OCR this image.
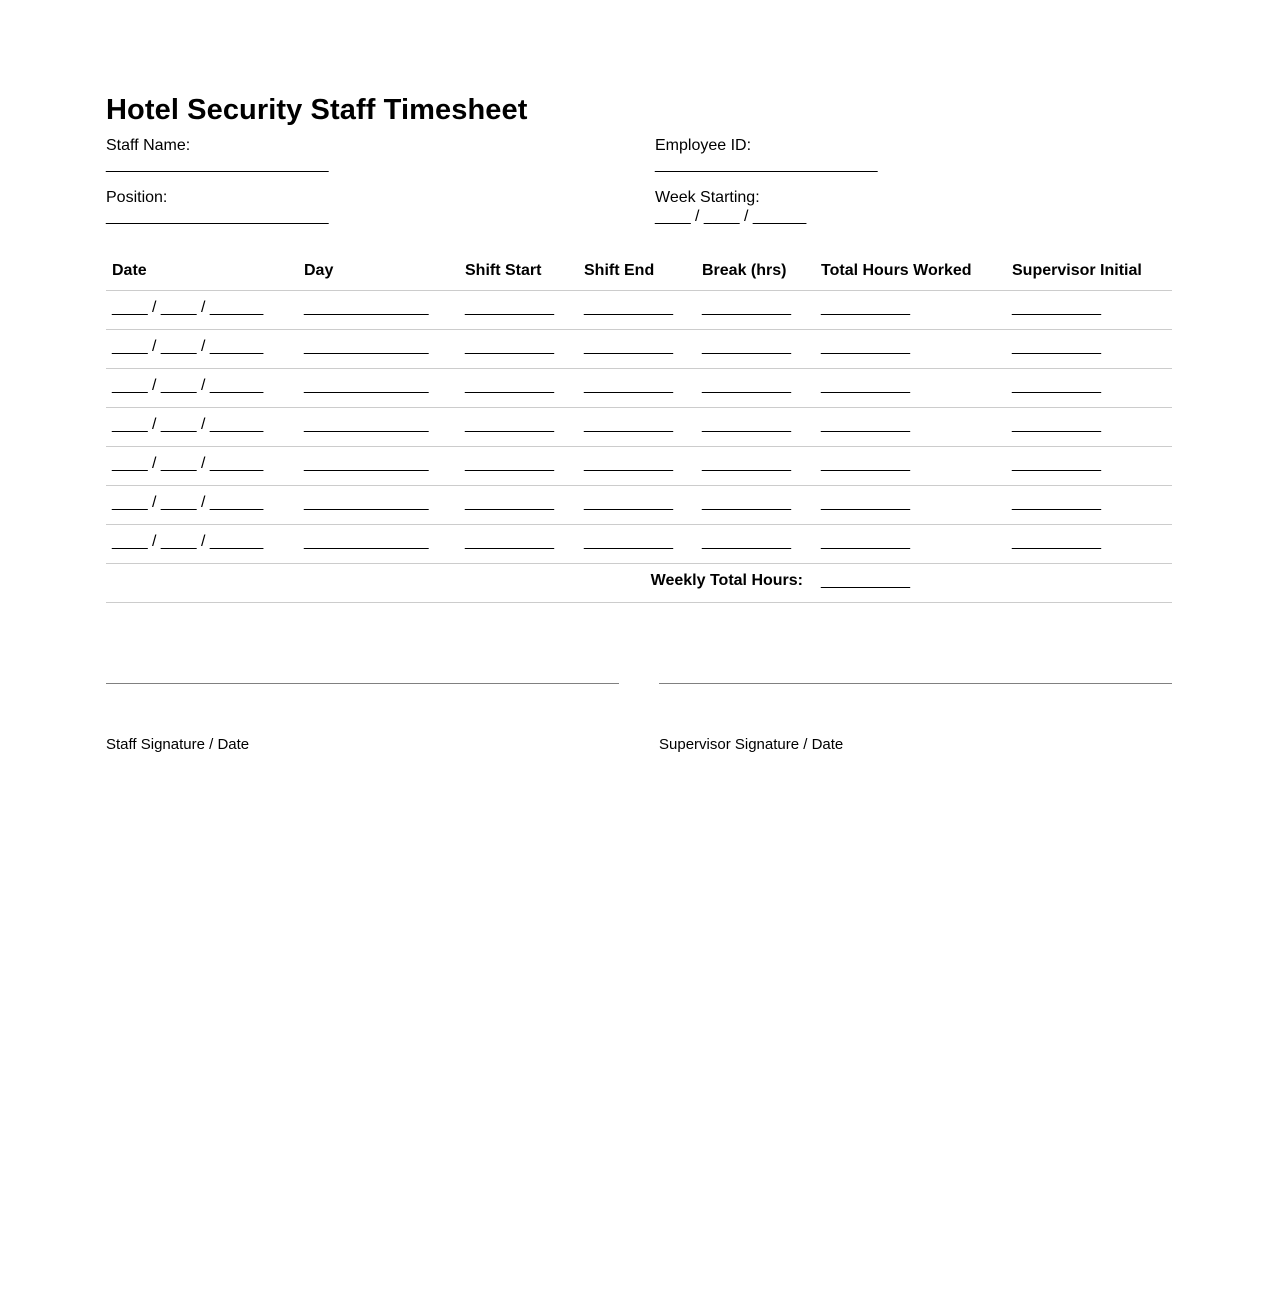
Hotel Security Staff Timesheet
Staff Name:
_________________________
Employee ID:
_________________________
Position:
_________________________
Week Starting:
____ / ____ / ______
Date	Day	Shift Start	Shift End	Break (hrs)	Total Hours Worked	Supervisor Initial
____ / ____ / ______	______________	__________	__________	__________	__________	__________
____ / ____ / ______	______________	__________	__________	__________	__________	__________
____ / ____ / ______	______________	__________	__________	__________	__________	__________
____ / ____ / ______	______________	__________	__________	__________	__________	__________
____ / ____ / ______	______________	__________	__________	__________	__________	__________
____ / ____ / ______	______________	__________	__________	__________	__________	__________
____ / ____ / ______	______________	__________	__________	__________	__________	__________
Weekly Total Hours:					__________	
Staff Signature / Date	Supervisor Signature / Date
